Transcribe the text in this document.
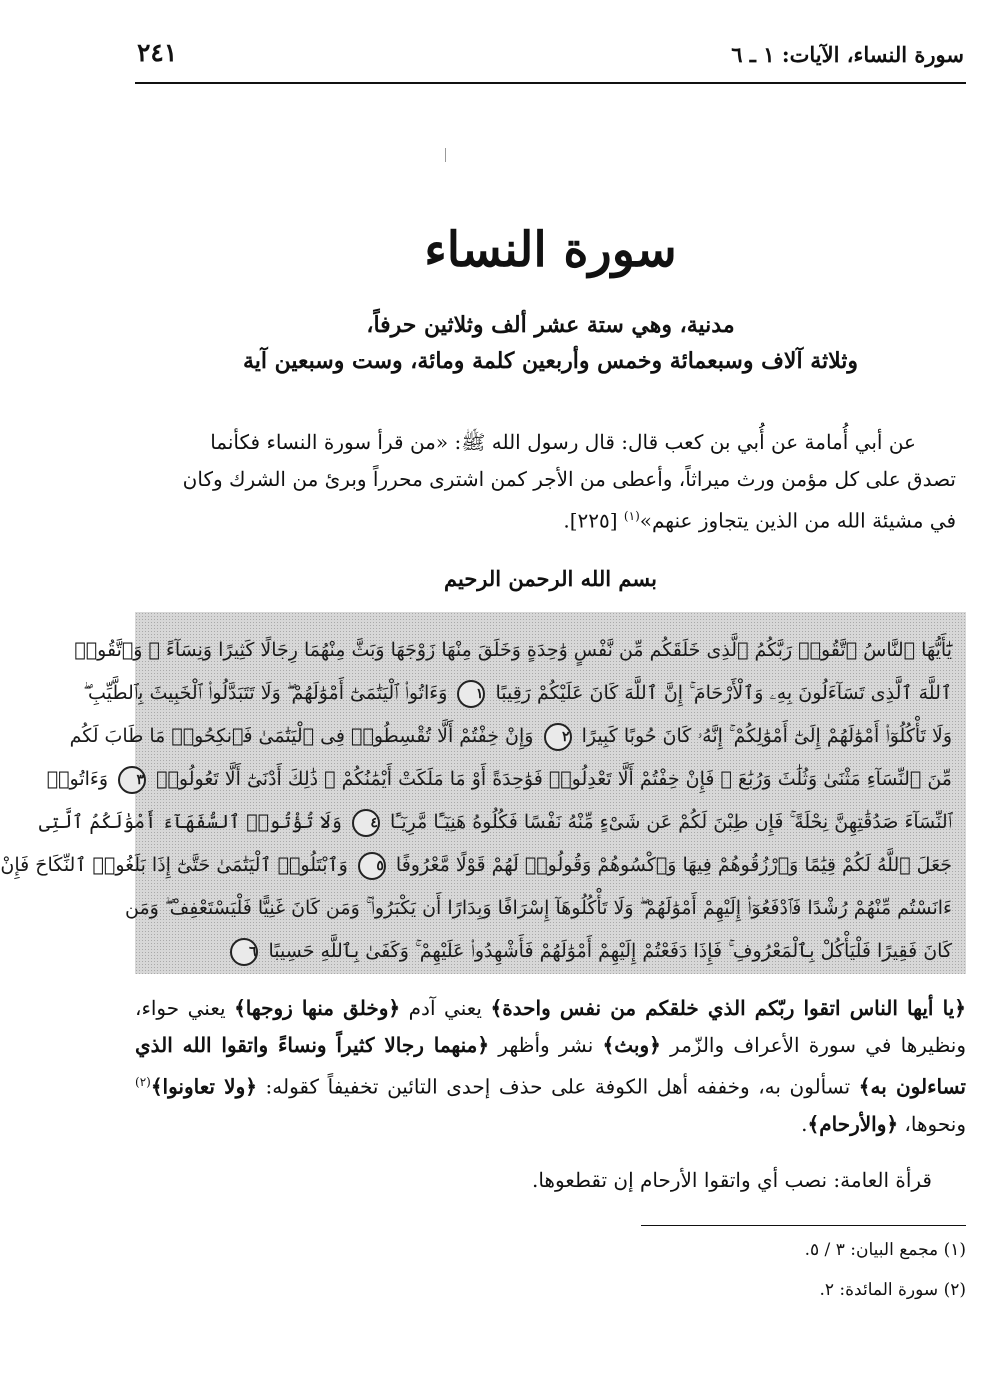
سورة النساء، الآيات: ١ ـ ٦
٢٤١
سورة النساء
مدنية، وهي ستة عشر ألف وثلاثين حرفاً،
وثلاثة آلاف وسبعمائة وخمس وأربعين كلمة ومائة، وست وسبعين آية
عن أبي أُمامة عن أُبي بن كعب قال: قال رسول الله ﷺ: «من قرأ سورة النساء فكأنما
تصدق على كل مؤمن ورث ميراثاً، وأعطى من الأجر كمن اشترى محرراً وبرئ من الشرك وكان
في مشيئة الله من الذين يتجاوز عنهم»$^{(١)}$ [٢٢٥].
بسم الله الرحمن الرحيم
يَٰٓأَيُّهَا ٱلنَّاسُ ٱتَّقُوا۟ رَبَّكُمُ ٱلَّذِى خَلَقَكُم مِّن نَّفْسٍ وَٰحِدَةٍ وَخَلَقَ مِنْهَا زَوْجَهَا وَبَثَّ مِنْهُمَا رِجَالًا كَثِيرًا وَنِسَآءً ۚ وَٱتَّقُوا۟
ٱللَّهَ ٱلَّذِى تَسَآءَلُونَ بِهِۦ وَٱلْأَرْحَامَ ۚ إِنَّ ٱللَّهَ كَانَ عَلَيْكُمْ رَقِيبًا ١ وَءَاتُوا۟ ٱلْيَتَٰمَىٰٓ أَمْوَٰلَهُمْ ۖ وَلَا تَتَبَدَّلُوا۟ ٱلْخَبِيثَ بِٱلطَّيِّبِ ۖ
وَلَا تَأْكُلُوٓا۟ أَمْوَٰلَهُمْ إِلَىٰٓ أَمْوَٰلِكُمْ ۚ إِنَّهُۥ كَانَ حُوبًا كَبِيرًا ٢ وَإِنْ خِفْتُمْ أَلَّا تُقْسِطُوا۟ فِى ٱلْيَتَٰمَىٰ فَٱنكِحُوا۟ مَا طَابَ لَكُم
مِّنَ ٱلنِّسَآءِ مَثْنَىٰ وَثُلَٰثَ وَرُبَٰعَ ۖ فَإِنْ خِفْتُمْ أَلَّا تَعْدِلُوا۟ فَوَٰحِدَةً أَوْ مَا مَلَكَتْ أَيْمَٰنُكُمْ ۚ ذَٰلِكَ أَدْنَىٰٓ أَلَّا تَعُولُوا۟ ٣ وَءَاتُوا۟
ٱلنِّسَآءَ صَدُقَٰتِهِنَّ نِحْلَةً ۚ فَإِن طِبْنَ لَكُمْ عَن شَىْءٍ مِّنْهُ نَفْسًا فَكُلُوهُ هَنِيٓـًٔا مَّرِيٓـًٔا ٤ وَلَا تُؤْتُوا۟ ٱلسُّفَهَآءَ أَمْوَٰلَكُمُ ٱلَّتِى
جَعَلَ ٱللَّهُ لَكُمْ قِيَٰمًا وَٱرْزُقُوهُمْ فِيهَا وَٱكْسُوهُمْ وَقُولُوا۟ لَهُمْ قَوْلًا مَّعْرُوفًا ٥ وَٱبْتَلُوا۟ ٱلْيَتَٰمَىٰ حَتَّىٰٓ إِذَا بَلَغُوا۟ ٱلنِّكَاحَ فَإِنْ
ءَانَسْتُم مِّنْهُمْ رُشْدًا فَٱدْفَعُوٓا۟ إِلَيْهِمْ أَمْوَٰلَهُمْ ۖ وَلَا تَأْكُلُوهَآ إِسْرَافًا وَبِدَارًا أَن يَكْبَرُوا۟ ۚ وَمَن كَانَ غَنِيًّا فَلْيَسْتَعْفِفْ ۖ وَمَن
كَانَ فَقِيرًا فَلْيَأْكُلْ بِٱلْمَعْرُوفِ ۚ فَإِذَا دَفَعْتُمْ إِلَيْهِمْ أَمْوَٰلَهُمْ فَأَشْهِدُوا۟ عَلَيْهِمْ ۚ وَكَفَىٰ بِٱللَّهِ حَسِيبًا ٦
﴿يا أيها الناس اتقوا ربّكم الذي خلقكم من نفس واحدة﴾ يعني آدم ﴿وخلق منها زوجها﴾ يعني حواء، ونظيرها في سورة الأعراف والزّمر ﴿وبث﴾ نشر وأظهر ﴿منهما رجالا كثيراً ونساءً واتقوا الله الذي تساءلون به﴾ تسألون به، وخففه أهل الكوفة على حذف إحدى التائين تخفيفاً كقوله: ﴿ولا تعاونوا﴾$^{(٢)}$ ونحوها، ﴿والأرحام﴾.
قرأة العامة: نصب أي واتقوا الأرحام إن تقطعوها.
(١) مجمع البيان: ٣ / ٥.
(٢) سورة المائدة: ٢.
